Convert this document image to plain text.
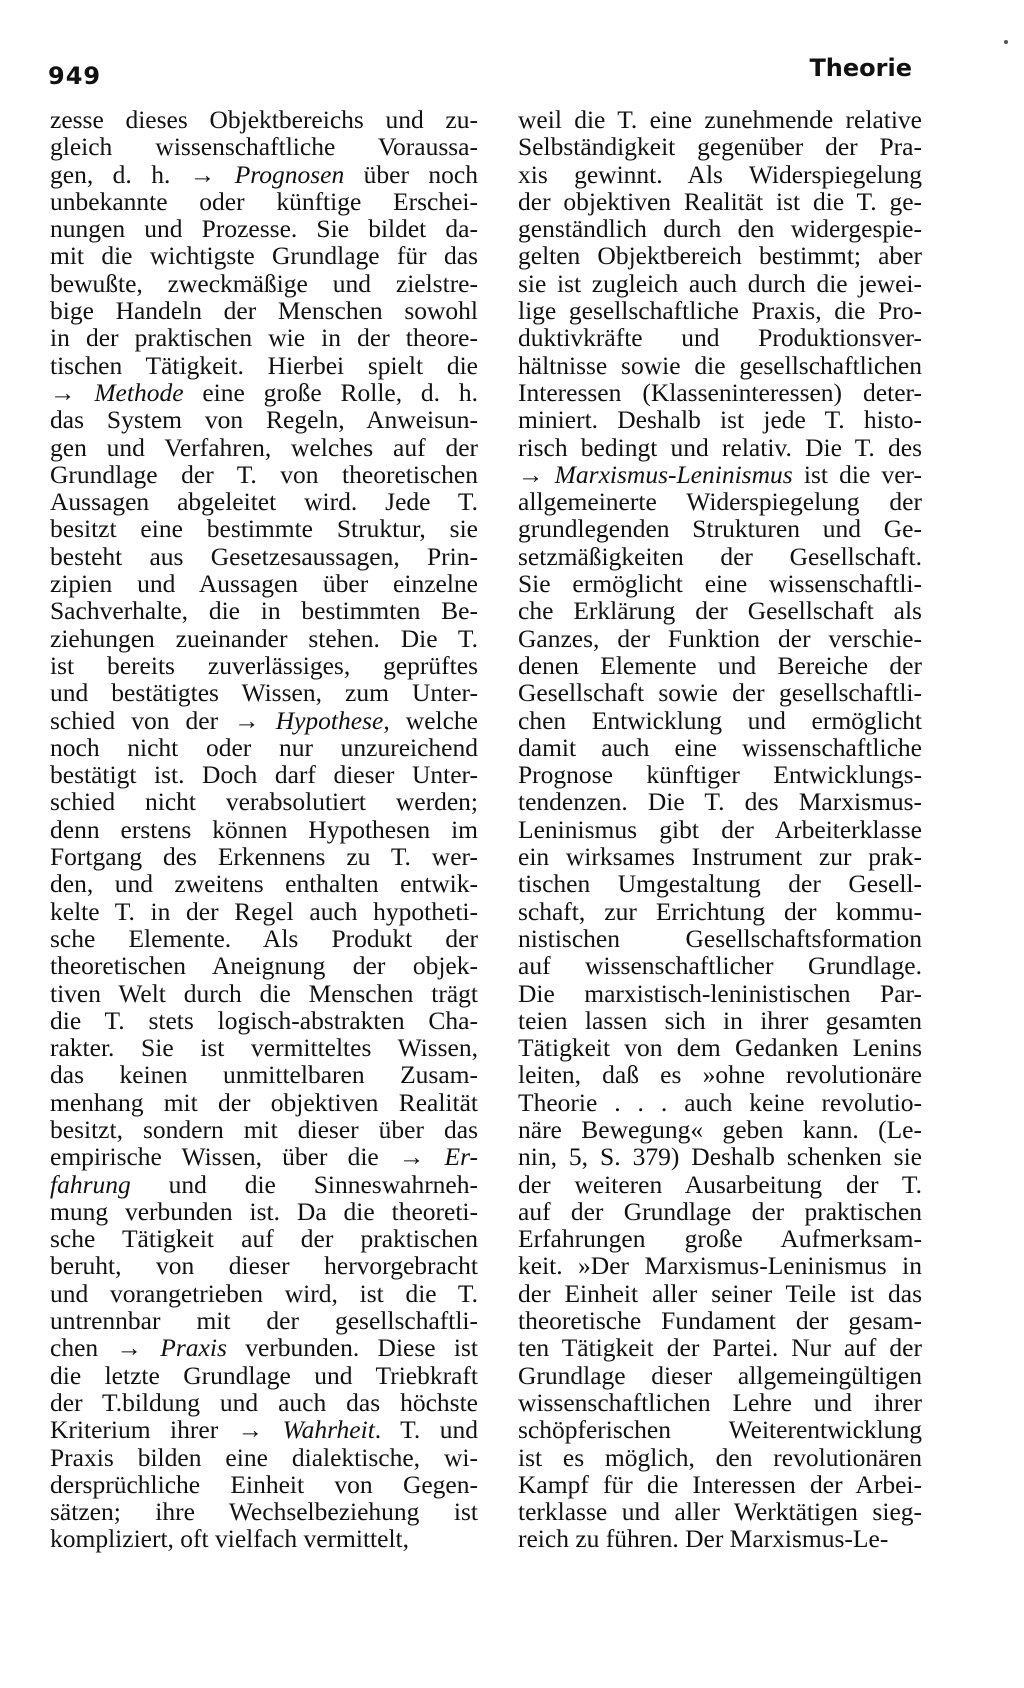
949	Theorie
zesse dieses Objektbereichs und zu-
gleich wissenschaftliche Voraussa-
gen, d. h. → Prognosen über noch
unbekannte oder künftige Erschei-
nungen und Prozesse. Sie bildet da-
mit die wichtigste Grundlage für das
bewußte, zweckmäßige und zielstre-
bige Handeln der Menschen sowohl
in der praktischen wie in der theore-
tischen Tätigkeit. Hierbei spielt die
→ Methode eine große Rolle, d. h.
das System von Regeln, Anweisun-
gen und Verfahren, welches auf der
Grundlage der T. von theoretischen
Aussagen abgeleitet wird. Jede T.
besitzt eine bestimmte Struktur, sie
besteht aus Gesetzesaussagen, Prin-
zipien und Aussagen über einzelne
Sachverhalte, die in bestimmten Be-
ziehungen zueinander stehen. Die T.
ist bereits zuverlässiges, geprüftes
und bestätigtes Wissen, zum Unter-
schied von der → Hypothese, welche
noch nicht oder nur unzureichend
bestätigt ist. Doch darf dieser Unter-
schied nicht verabsolutiert werden;
denn erstens können Hypothesen im
Fortgang des Erkennens zu T. wer-
den, und zweitens enthalten entwik-
kelte T. in der Regel auch hypotheti-
sche Elemente. Als Produkt der
theoretischen Aneignung der objek-
tiven Welt durch die Menschen trägt
die T. stets logisch-abstrakten Cha-
rakter. Sie ist vermitteltes Wissen,
das keinen unmittelbaren Zusam-
menhang mit der objektiven Realität
besitzt, sondern mit dieser über das
empirische Wissen, über die → Er-
fahrung und die Sinneswahrneh-
mung verbunden ist. Da die theoreti-
sche Tätigkeit auf der praktischen
beruht, von dieser hervorgebracht
und vorangetrieben wird, ist die T.
untrennbar mit der gesellschaftli-
chen → Praxis verbunden. Diese ist
die letzte Grundlage und Triebkraft
der T.bildung und auch das höchste
Kriterium ihrer → Wahrheit. T. und
Praxis bilden eine dialektische, wi-
dersprüchliche Einheit von Gegen-
sätzen; ihre Wechselbeziehung ist
kompliziert, oft vielfach vermittelt,
weil die T. eine zunehmende relative
Selbständigkeit gegenüber der Pra-
xis gewinnt. Als Widerspiegelung
der objektiven Realität ist die T. ge-
genständlich durch den widergespie-
gelten Objektbereich bestimmt; aber
sie ist zugleich auch durch die jewei-
lige gesellschaftliche Praxis, die Pro-
duktivkräfte und Produktionsver-
hältnisse sowie die gesellschaftlichen
Interessen (Klasseninteressen) deter-
miniert. Deshalb ist jede T. histo-
risch bedingt und relativ. Die T. des
→ Marxismus-Leninismus ist die ver-
allgemeinerte Widerspiegelung der
grundlegenden Strukturen und Ge-
setzmäßigkeiten der Gesellschaft.
Sie ermöglicht eine wissenschaftli-
che Erklärung der Gesellschaft als
Ganzes, der Funktion der verschie-
denen Elemente und Bereiche der
Gesellschaft sowie der gesellschaftli-
chen Entwicklung und ermöglicht
damit auch eine wissenschaftliche
Prognose künftiger Entwicklungs-
tendenzen. Die T. des Marxismus-
Leninismus gibt der Arbeiterklasse
ein wirksames Instrument zur prak-
tischen Umgestaltung der Gesell-
schaft, zur Errichtung der kommu-
nistischen Gesellschaftsformation
auf wissenschaftlicher Grundlage.
Die marxistisch-leninistischen Par-
teien lassen sich in ihrer gesamten
Tätigkeit von dem Gedanken Lenins
leiten, daß es »ohne revolutionäre
Theorie . . . auch keine revolutio-
näre Bewegung« geben kann. (Le-
nin, 5, S. 379) Deshalb schenken sie
der weiteren Ausarbeitung der T.
auf der Grundlage der praktischen
Erfahrungen große Aufmerksam-
keit. »Der Marxismus-Leninismus in
der Einheit aller seiner Teile ist das
theoretische Fundament der gesam-
ten Tätigkeit der Partei. Nur auf der
Grundlage dieser allgemeingültigen
wissenschaftlichen Lehre und ihrer
schöpferischen Weiterentwicklung
ist es möglich, den revolutionären
Kampf für die Interessen der Arbei-
terklasse und aller Werktätigen sieg-
reich zu führen. Der Marxismus-Le-
